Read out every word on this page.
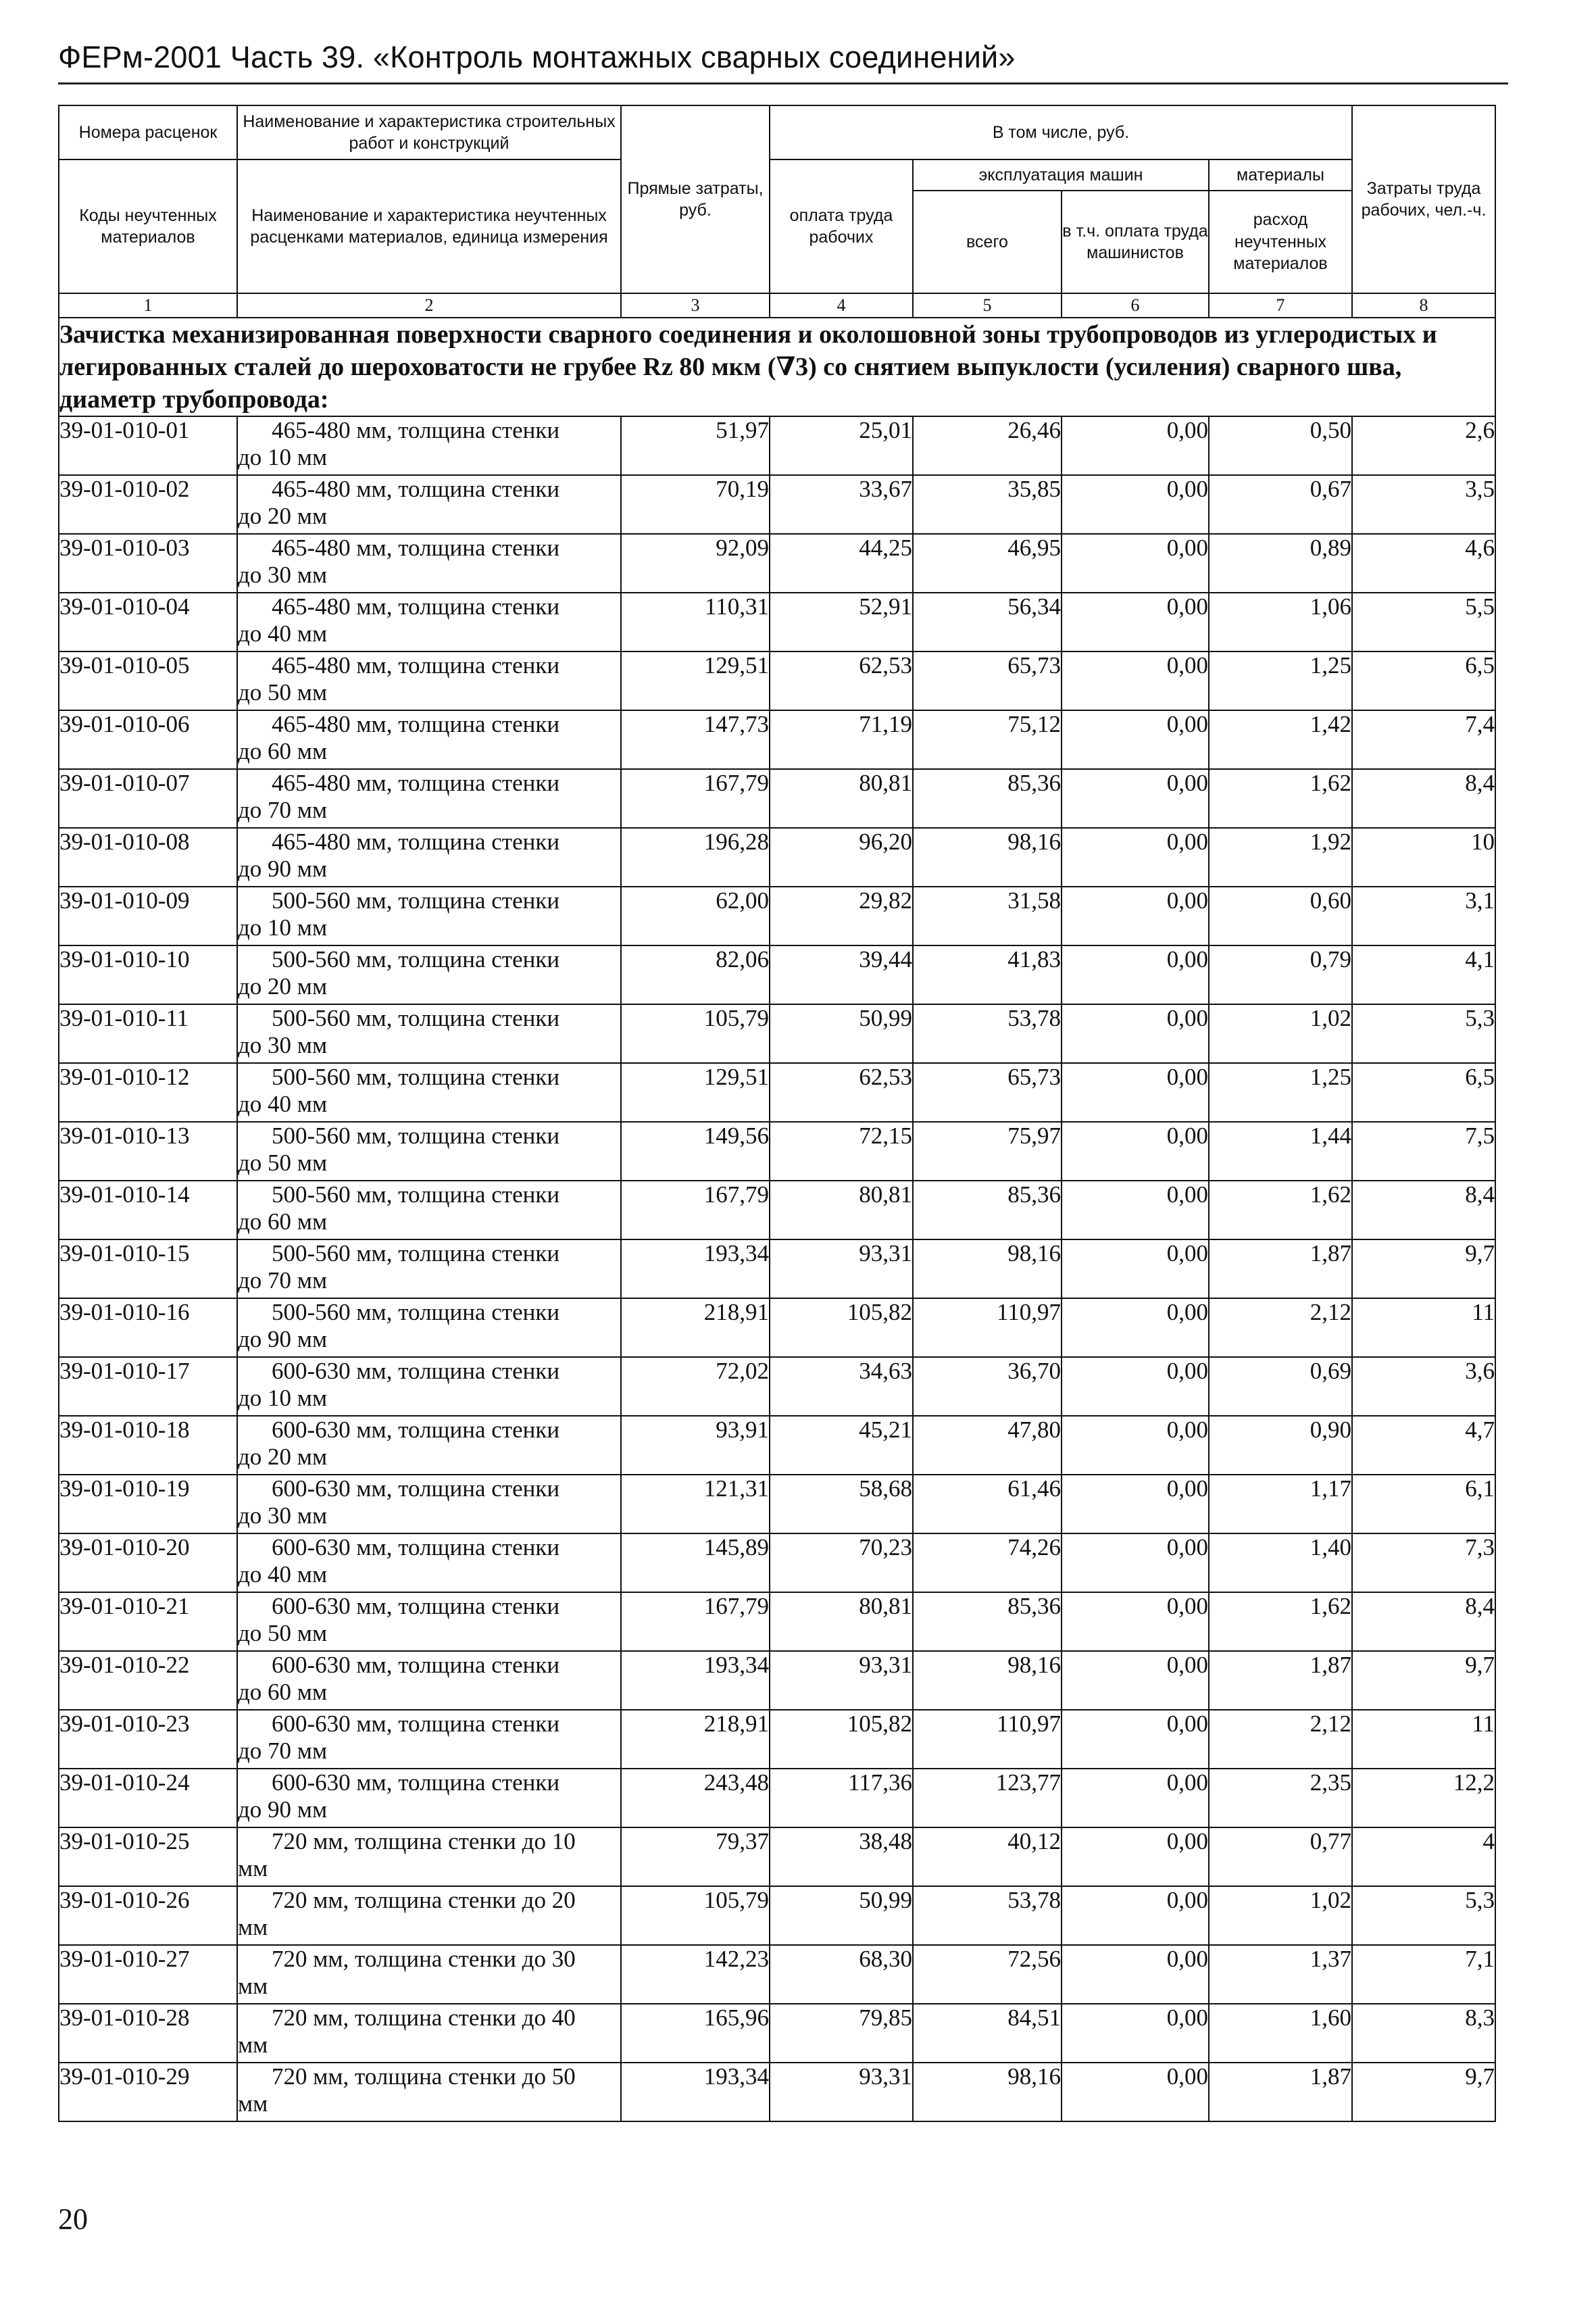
ФЕРм-2001 Часть 39. «Контроль монтажных сварных соединений»
Номера расценок	Наименование и характеристика строительных работ и конструкций	Прямые затраты, руб.	В том числе, руб.				Затраты труда рабочих, чел.-ч.
Коды неучтенных материалов	Наименование и характеристика неучтенных расценками материалов, единица измерения		оплата труда рабочих	эксплуатация машин		материалы	
				всего	в т.ч. оплата труда машинистов	расход неучтенных материалов	
1	2	3	4	5	6	7	8
Зачистка механизированная поверхности сварного соединения и околошовной зоны трубопроводов из углеродистых и легированных сталей до шероховатости не грубее Rz 80 мкм (∇3) со снятием выпуклости (усиления) сварного шва, диаметр трубопровода:							
39-01-010-01	465-480 мм, толщина стенки
до 10 мм	51,97	25,01	26,46	0,00	0,50	2,6
39-01-010-02	465-480 мм, толщина стенки
до 20 мм	70,19	33,67	35,85	0,00	0,67	3,5
39-01-010-03	465-480 мм, толщина стенки
до 30 мм	92,09	44,25	46,95	0,00	0,89	4,6
39-01-010-04	465-480 мм, толщина стенки
до 40 мм	110,31	52,91	56,34	0,00	1,06	5,5
39-01-010-05	465-480 мм, толщина стенки
до 50 мм	129,51	62,53	65,73	0,00	1,25	6,5
39-01-010-06	465-480 мм, толщина стенки
до 60 мм	147,73	71,19	75,12	0,00	1,42	7,4
39-01-010-07	465-480 мм, толщина стенки
до 70 мм	167,79	80,81	85,36	0,00	1,62	8,4
39-01-010-08	465-480 мм, толщина стенки
до 90 мм	196,28	96,20	98,16	0,00	1,92	10
39-01-010-09	500-560 мм, толщина стенки
до 10 мм	62,00	29,82	31,58	0,00	0,60	3,1
39-01-010-10	500-560 мм, толщина стенки
до 20 мм	82,06	39,44	41,83	0,00	0,79	4,1
39-01-010-11	500-560 мм, толщина стенки
до 30 мм	105,79	50,99	53,78	0,00	1,02	5,3
39-01-010-12	500-560 мм, толщина стенки
до 40 мм	129,51	62,53	65,73	0,00	1,25	6,5
39-01-010-13	500-560 мм, толщина стенки
до 50 мм	149,56	72,15	75,97	0,00	1,44	7,5
39-01-010-14	500-560 мм, толщина стенки
до 60 мм	167,79	80,81	85,36	0,00	1,62	8,4
39-01-010-15	500-560 мм, толщина стенки
до 70 мм	193,34	93,31	98,16	0,00	1,87	9,7
39-01-010-16	500-560 мм, толщина стенки
до 90 мм	218,91	105,82	110,97	0,00	2,12	11
39-01-010-17	600-630 мм, толщина стенки
до 10 мм	72,02	34,63	36,70	0,00	0,69	3,6
39-01-010-18	600-630 мм, толщина стенки
до 20 мм	93,91	45,21	47,80	0,00	0,90	4,7
39-01-010-19	600-630 мм, толщина стенки
до 30 мм	121,31	58,68	61,46	0,00	1,17	6,1
39-01-010-20	600-630 мм, толщина стенки
до 40 мм	145,89	70,23	74,26	0,00	1,40	7,3
39-01-010-21	600-630 мм, толщина стенки
до 50 мм	167,79	80,81	85,36	0,00	1,62	8,4
39-01-010-22	600-630 мм, толщина стенки
до 60 мм	193,34	93,31	98,16	0,00	1,87	9,7
39-01-010-23	600-630 мм, толщина стенки
до 70 мм	218,91	105,82	110,97	0,00	2,12	11
39-01-010-24	600-630 мм, толщина стенки
до 90 мм	243,48	117,36	123,77	0,00	2,35	12,2
39-01-010-25	720 мм, толщина стенки до 10
мм	79,37	38,48	40,12	0,00	0,77	4
39-01-010-26	720 мм, толщина стенки до 20
мм	105,79	50,99	53,78	0,00	1,02	5,3
39-01-010-27	720 мм, толщина стенки до 30
мм	142,23	68,30	72,56	0,00	1,37	7,1
39-01-010-28	720 мм, толщина стенки до 40
мм	165,96	79,85	84,51	0,00	1,60	8,3
39-01-010-29	720 мм, толщина стенки до 50
мм	193,34	93,31	98,16	0,00	1,87	9,7
20
